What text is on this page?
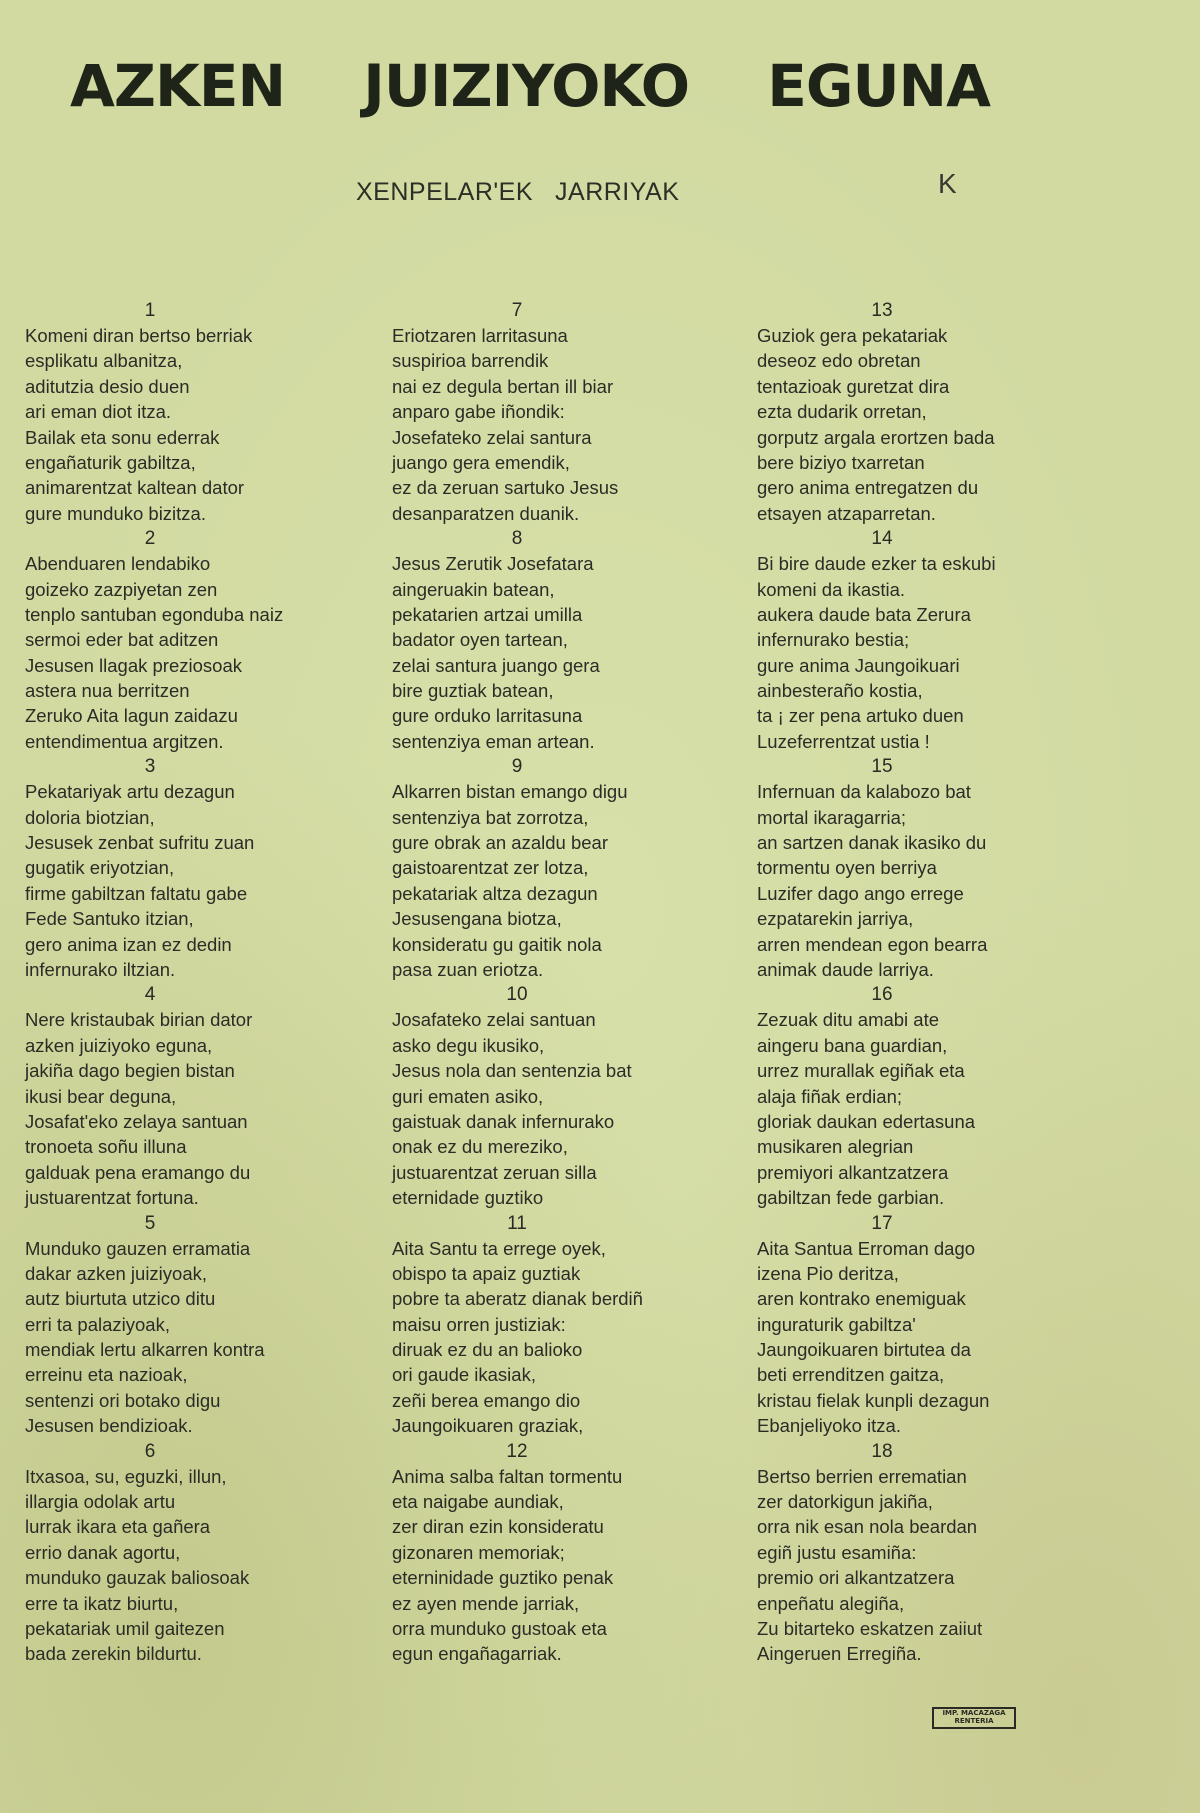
AZKEN JUIZIYOKO EGUNA
XENPELAR'EK JARRIYAK	K
1
Komeni diran bertso berriak
esplikatu albanitza,
aditutzia desio duen
ari eman diot itza.
Bailak eta sonu ederrak
engañaturik gabiltza,
animarentzat kaltean dator
gure munduko bizitza.
2
Abenduaren lendabiko
goizeko zazpiyetan zen
tenplo santuban egonduba naiz
sermoi eder bat aditzen
Jesusen llagak preziosoak
astera nua berritzen
Zeruko Aita lagun zaidazu
entendimentua argitzen.
3
Pekatariyak artu dezagun
doloria biotzian,
Jesusek zenbat sufritu zuan
gugatik eriyotzian,
firme gabiltzan faltatu gabe
Fede Santuko itzian,
gero anima izan ez dedin
infernurako iltzian.
4
Nere kristaubak birian dator
azken juiziyoko eguna,
jakiña dago begien bistan
ikusi bear deguna,
Josafat'eko zelaya santuan
tronoeta soñu illuna
galduak pena eramango du
justuarentzat fortuna.
5
Munduko gauzen erramatia
dakar azken juiziyoak,
autz biurtuta utzico ditu
erri ta palaziyoak,
mendiak lertu alkarren kontra
erreinu eta nazioak,
sentenzi ori botako digu
Jesusen bendizioak.
6
Itxasoa, su, eguzki, illun,
illargia odolak artu
lurrak ikara eta gañera
errio danak agortu,
munduko gauzak baliosoak
erre ta ikatz biurtu,
pekatariak umil gaitezen
bada zerekin bildurtu.
7
Eriotzaren larritasuna
suspirioa barrendik
nai ez degula bertan ill biar
anparo gabe iñondik:
Josefateko zelai santura
juango gera emendik,
ez da zeruan sartuko Jesus
desanparatzen duanik.
8
Jesus Zerutik Josefatara
aingeruakin batean,
pekatarien artzai umilla
badator oyen tartean,
zelai santura juango gera
bire guztiak batean,
gure orduko larritasuna
sentenziya eman artean.
9
Alkarren bistan emango digu
sentenziya bat zorrotza,
gure obrak an azaldu bear
gaistoarentzat zer lotza,
pekatariak altza dezagun
Jesusengana biotza,
konsideratu gu gaitik nola
pasa zuan eriotza.
10
Josafateko zelai santuan
asko degu ikusiko,
Jesus nola dan sentenzia bat
guri ematen asiko,
gaistuak danak infernurako
onak ez du mereziko,
justuarentzat zeruan silla
eternidade guztiko
11
Aita Santu ta errege oyek,
obispo ta apaiz guztiak
pobre ta aberatz dianak berdiñ
maisu orren justiziak:
diruak ez du an balioko
ori gaude ikasiak,
zeñi berea emango dio
Jaungoikuaren graziak,
12
Anima salba faltan tormentu
eta naigabe aundiak,
zer diran ezin konsideratu
gizonaren memoriak;
eterninidade guztiko penak
ez ayen mende jarriak,
orra munduko gustoak eta
egun engañagarriak.
13
Guziok gera pekatariak
deseoz edo obretan
tentazioak guretzat dira
ezta dudarik orretan,
gorputz argala erortzen bada
bere biziyo txarretan
gero anima entregatzen du
etsayen atzaparretan.
14
Bi bire daude ezker ta eskubi
komeni da ikastia.
aukera daude bata Zerura
infernurako bestia;
gure anima Jaungoikuari
ainbesteraño kostia,
ta ¡ zer pena artuko duen
Luzeferrentzat ustia !
15
Infernuan da kalabozo bat
mortal ikaragarria;
an sartzen danak ikasiko du
tormentu oyen berriya
Luzifer dago ango errege
ezpatarekin jarriya,
arren mendean egon bearra
animak daude larriya.
16
Zezuak ditu amabi ate
aingeru bana guardian,
urrez murallak egiñak eta
alaja fiñak erdian;
gloriak daukan edertasuna
musikaren alegrian
premiyori alkantzatzera
gabiltzan fede garbian.
17
Aita Santua Erroman dago
izena Pio deritza,
aren kontrako enemiguak
inguraturik gabiltza'
Jaungoikuaren birtutea da
beti errenditzen gaitza,
kristau fielak kunpli dezagun
Ebanjeliyoko itza.
18
Bertso berrien errematian
zer datorkigun jakiña,
orra nik esan nola beardan
egiñ justu esamiña:
premio ori alkantzatzera
enpeñatu alegiña,
Zu bitarteko eskatzen zaiiut
Aingeruen Erregiña.
IMP. MACAZAGA
RENTERIA
